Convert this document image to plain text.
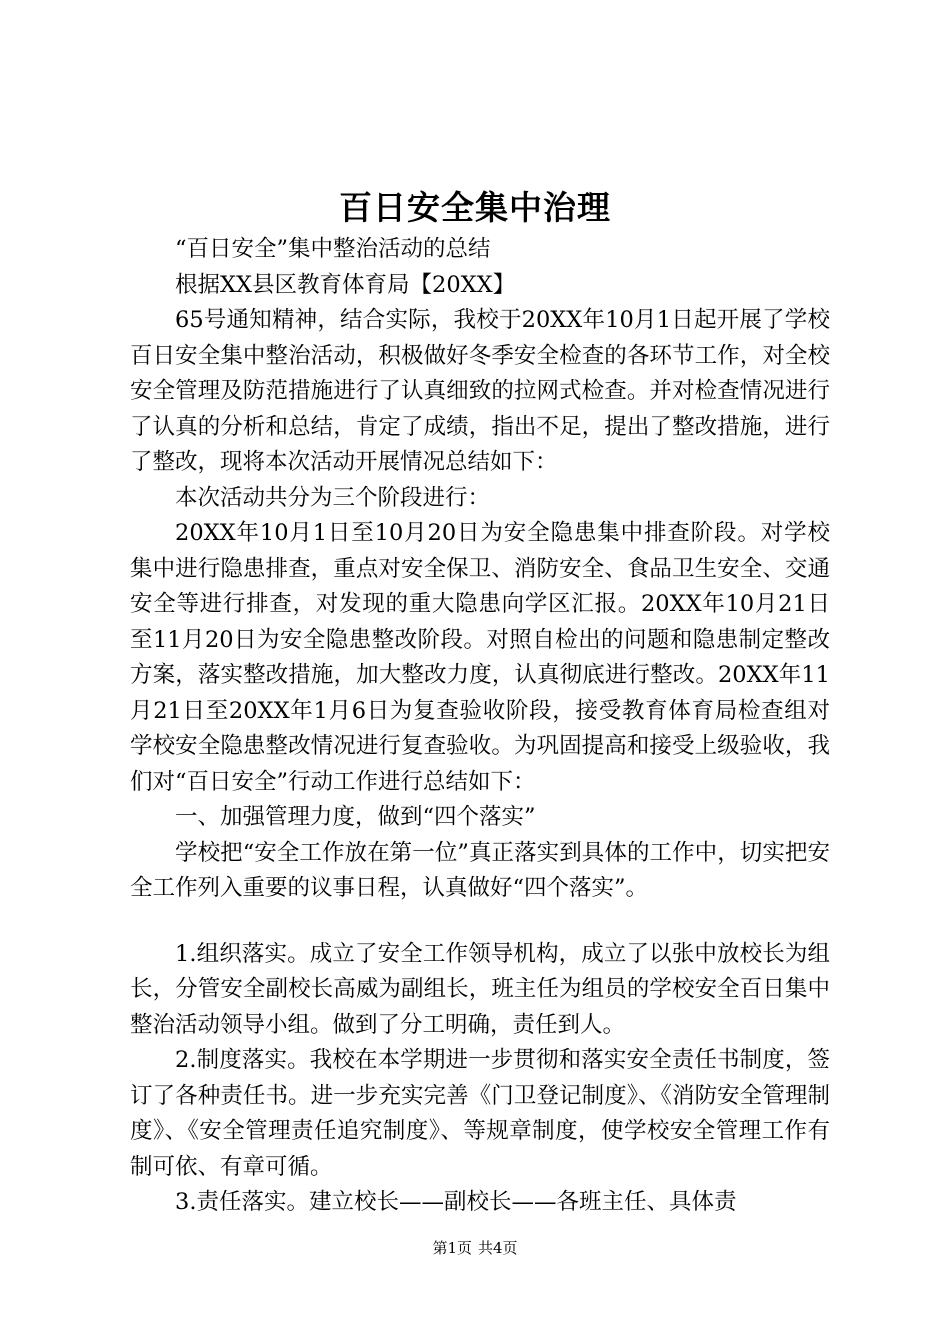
百日安全集中治理

“百日安全”集中整治活动的总结

根据XX县区教育体育局【20XX】

65号通知精神，结合实际，我校于20XX年10月1日起开展了学校百日安全集中整治活动，积极做好冬季安全检查的各环节工作，对全校安全管理及防范措施进行了认真细致的拉网式检查。并对检查情况进行了认真的分析和总结，肯定了成绩，指出不足，提出了整改措施，进行了整改，现将本次活动开展情况总结如下：

本次活动共分为三个阶段进行：

20XX年10月1日至10月20日为安全隐患集中排查阶段。对学校集中进行隐患排查，重点对安全保卫、消防安全、食品卫生安全、交通安全等进行排查，对发现的重大隐患向学区汇报。20XX年10月21日至11月20日为安全隐患整改阶段。对照自检出的问题和隐患制定整改方案，落实整改措施，加大整改力度，认真彻底进行整改。20XX年11月21日至20XX年1月6日为复查验收阶段，接受教育体育局检查组对学校安全隐患整改情况进行复查验收。为巩固提高和接受上级验收，我们对“百日安全”行动工作进行总结如下：

一、加强管理力度，做到“四个落实”

学校把“安全工作放在第一位”真正落实到具体的工作中，切实把安全工作列入重要的议事日程，认真做好“四个落实”。

1.组织落实。成立了安全工作领导机构，成立了以张中放校长为组长，分管安全副校长高威为副组长，班主任为组员的学校安全百日集中整治活动领导小组。做到了分工明确，责任到人。

2.制度落实。我校在本学期进一步贯彻和落实安全责任书制度，签订了各种责任书。进一步充实完善《门卫登记制度》、《消防安全管理制度》、《安全管理责任追究制度》、等规章制度，使学校安全管理工作有制可依、有章可循。

3.责任落实。建立校长——副校长——各班主任、具体责

第1页 共4页
